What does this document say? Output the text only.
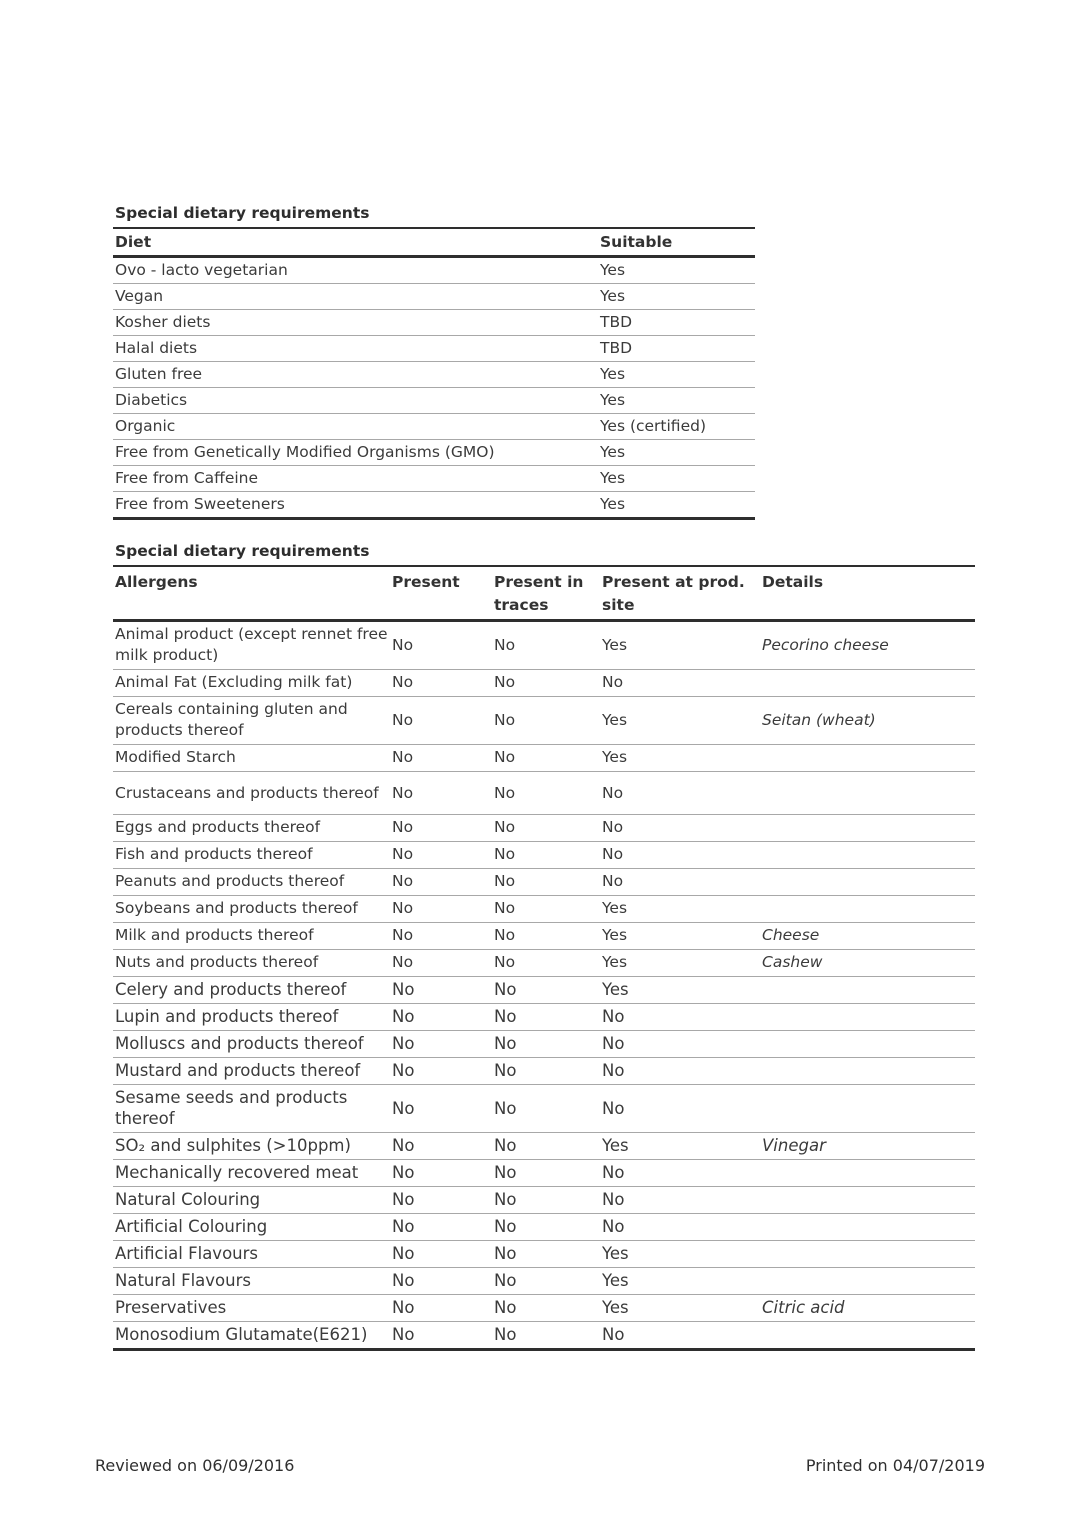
Special dietary requirements
Diet	Suitable
Ovo - lacto vegetarian	Yes
Vegan	Yes
Kosher diets	TBD
Halal diets	TBD
Gluten free	Yes
Diabetics	Yes
Organic	Yes (certified)
Free from Genetically Modified Organisms (GMO)	Yes
Free from Caffeine	Yes
Free from Sweeteners	Yes
Special dietary requirements
Allergens	Present	Present in traces	Present at prod. site	Details
Animal product (except rennet free milk product)	No	No	Yes	Pecorino cheese
Animal Fat (Excluding milk fat)	No	No	No	
Cereals containing gluten and products thereof	No	No	Yes	Seitan (wheat)
Modified Starch	No	No	Yes	
Crustaceans and products thereof	No	No	No	
Eggs and products thereof	No	No	No	
Fish and products thereof	No	No	No	
Peanuts and products thereof	No	No	No	
Soybeans and products thereof	No	No	Yes	
Milk and products thereof	No	No	Yes	Cheese
Nuts and products thereof	No	No	Yes	Cashew
Celery and products thereof	No	No	Yes	
Lupin and products thereof	No	No	No	
Molluscs and products thereof	No	No	No	
Mustard and products thereof	No	No	No	
Sesame seeds and products thereof	No	No	No	
SO₂ and sulphites (>10ppm)	No	No	Yes	Vinegar
Mechanically recovered meat	No	No	No	
Natural Colouring	No	No	No	
Artificial Colouring	No	No	No	
Artificial Flavours	No	No	Yes	
Natural Flavours	No	No	Yes	
Preservatives	No	No	Yes	Citric acid
Monosodium Glutamate(E621)	No	No	No	
Reviewed on 06/09/2016	Printed on 04/07/2019
